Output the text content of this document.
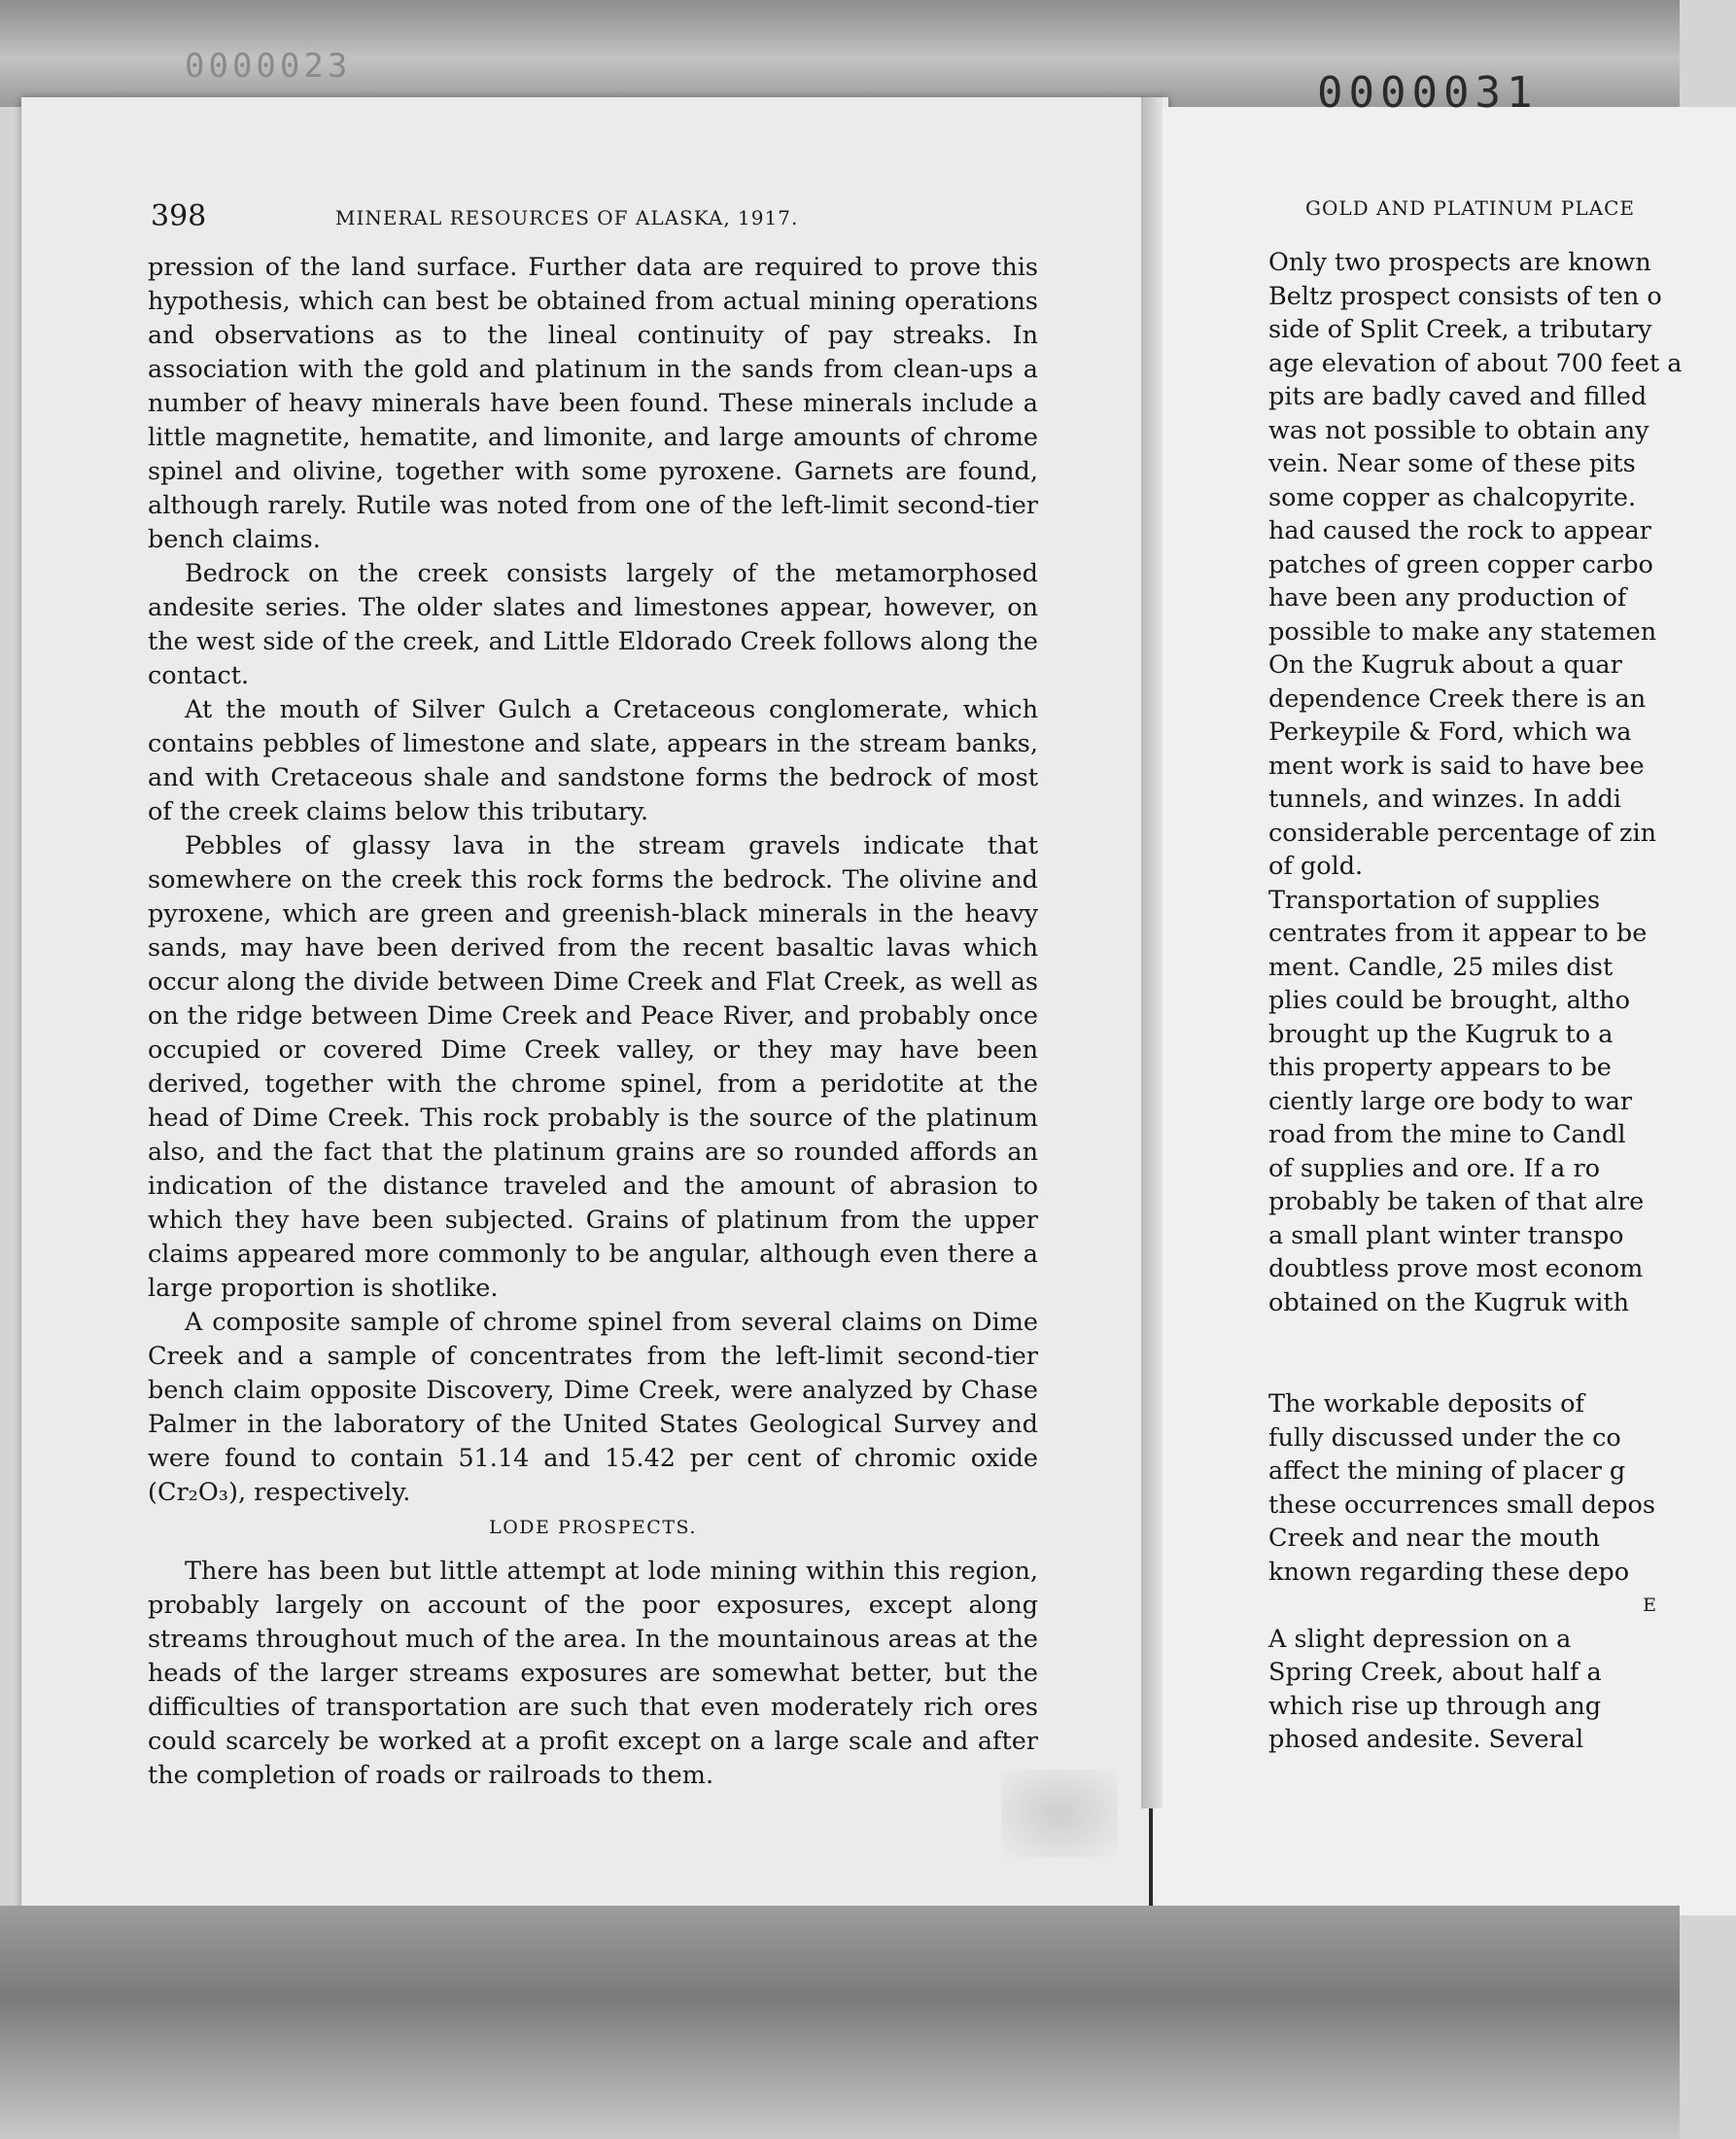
0000023
0000031
398	MINERAL RESOURCES OF ALASKA, 1917.	GOLD AND PLATINUM PLACE

pression of the land surface. Further data are required to prove this hypothesis, which can best be obtained from actual mining operations and observations as to the lineal continuity of pay streaks. In association with the gold and platinum in the sands from clean-ups a number of heavy minerals have been found. These minerals include a little magnetite, hematite, and limonite, and large amounts of chrome spinel and olivine, together with some pyroxene. Garnets are found, although rarely. Rutile was noted from one of the left-limit second-tier bench claims.

Bedrock on the creek consists largely of the metamorphosed andesite series. The older slates and limestones appear, however, on the west side of the creek, and Little Eldorado Creek follows along the contact.

At the mouth of Silver Gulch a Cretaceous conglomerate, which contains pebbles of limestone and slate, appears in the stream banks, and with Cretaceous shale and sandstone forms the bedrock of most of the creek claims below this tributary.

Pebbles of glassy lava in the stream gravels indicate that somewhere on the creek this rock forms the bedrock. The olivine and pyroxene, which are green and greenish-black minerals in the heavy sands, may have been derived from the recent basaltic lavas which occur along the divide between Dime Creek and Flat Creek, as well as on the ridge between Dime Creek and Peace River, and probably once occupied or covered Dime Creek valley, or they may have been derived, together with the chrome spinel, from a peridotite at the head of Dime Creek. This rock probably is the source of the platinum also, and the fact that the platinum grains are so rounded affords an indication of the distance traveled and the amount of abrasion to which they have been subjected. Grains of platinum from the upper claims appeared more commonly to be angular, although even there a large proportion is shotlike.

A composite sample of chrome spinel from several claims on Dime Creek and a sample of concentrates from the left-limit second-tier bench claim opposite Discovery, Dime Creek, were analyzed by Chase Palmer in the laboratory of the United States Geological Survey and were found to contain 51.14 and 15.42 per cent of chromic oxide (Cr₂O₃), respectively.

LODE PROSPECTS.

There has been but little attempt at lode mining within this region, probably largely on account of the poor exposures, except along streams throughout much of the area. In the mountainous areas at the heads of the larger streams exposures are somewhat better, but the difficulties of transportation are such that even moderately rich ores could scarcely be worked at a profit except on a large scale and after the completion of roads or railroads to them.

Only two prospects are known
Beltz prospect consists of ten o
side of Split Creek, a tributary
age elevation of about 700 feet a
pits are badly caved and filled
was not possible to obtain any
vein. Near some of these pits
some copper as chalcopyrite.
had caused the rock to appear
patches of green copper carbo
have been any production of
possible to make any statemen
On the Kugruk about a quar
dependence Creek there is an
Perkeypile & Ford, which wa
ment work is said to have bee
tunnels, and winzes. In addi
considerable percentage of zin
of gold.
Transportation of supplies
centrates from it appear to be
ment. Candle, 25 miles dist
plies could be brought, altho
brought up the Kugruk to a
this property appears to be
ciently large ore body to war
road from the mine to Candl
of supplies and ore. If a ro
probably be taken of that alre
a small plant winter transpo
doubtless prove most econom
obtained on the Kugruk with
The workable deposits of
fully discussed under the co
affect the mining of placer g
these occurrences small depos
Creek and near the mouth
known regarding these depo
E
A slight depression on a
Spring Creek, about half a
which rise up through ang
phosed andesite. Several
